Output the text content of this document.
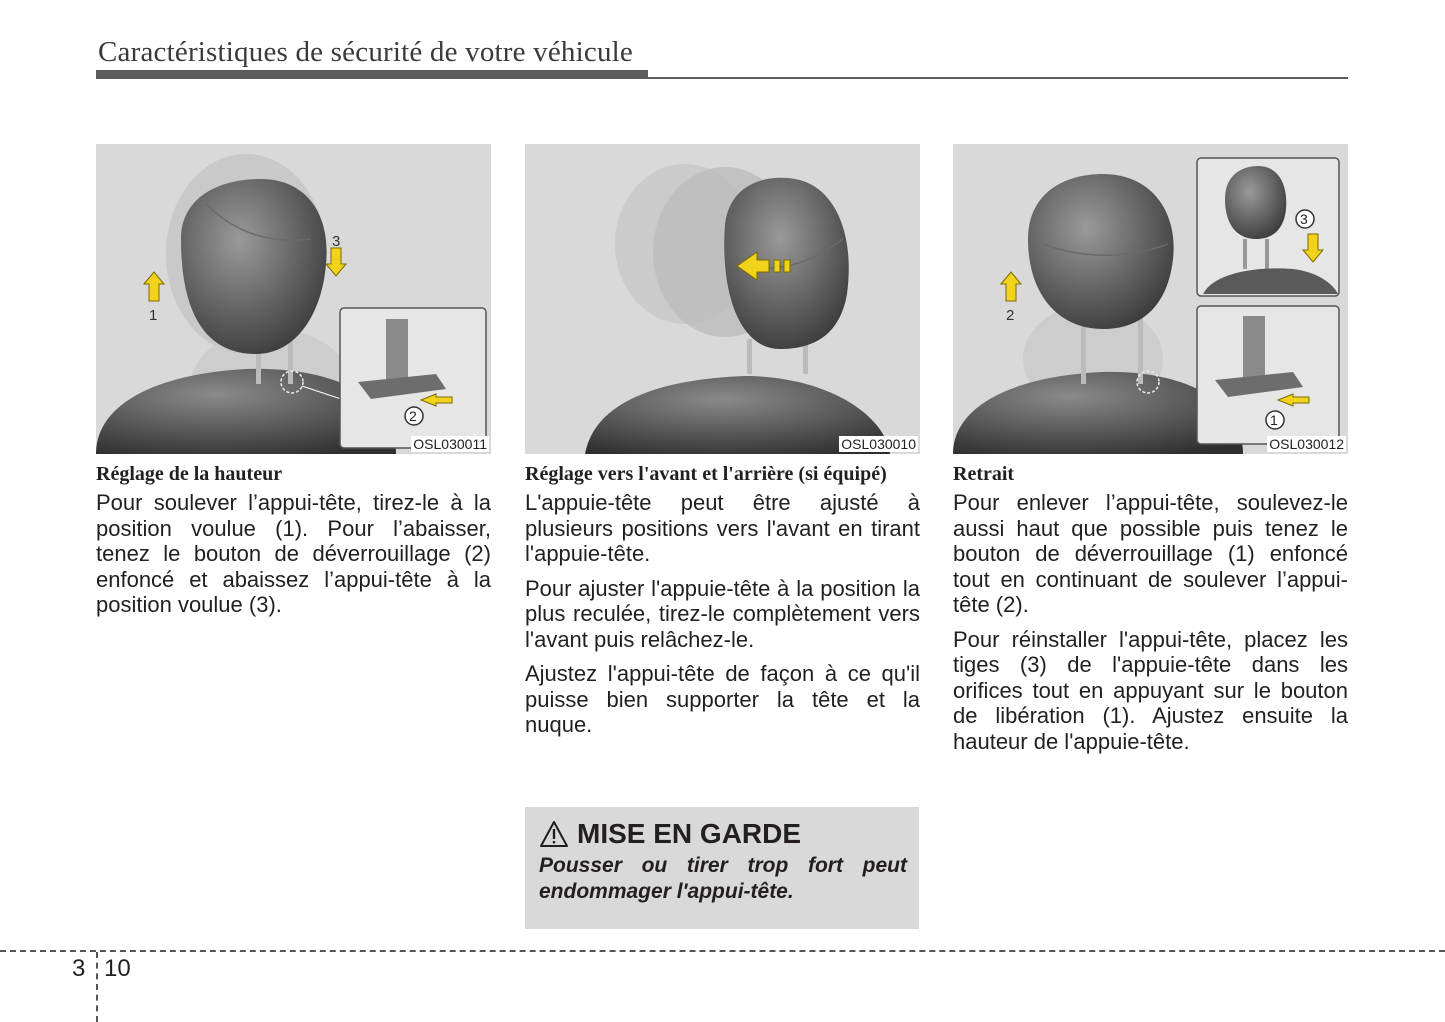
Caractéristiques de sécurité de votre véhicule
1
2
3
OSL030011	OSL030010
1
2
3
OSL030012
Réglage de la hauteur

Pour soulever l’appui-tête, tirez-le à la position voulue (1). Pour l’abaisser, tenez le bouton de déverrouillage (2) enfoncé et abaissez l’appui-tête à la position voulue (3).

Réglage vers l'avant et l'arrière (si équipé)

L'appuie-tête peut être ajusté à plusieurs positions vers l'avant en tirant l'appuie-tête.

Pour ajuster l'appuie-tête à la position la plus reculée, tirez-le complètement vers l'avant puis relâchez-le.

Ajustez l'appui-tête de façon à ce qu'il puisse bien supporter la tête et la nuque.

Retrait

Pour enlever l’appui-tête, soulevez-le aussi haut que possible puis tenez le bouton de déverrouillage (1) enfoncé tout en continuant de soulever l’appui-tête (2).

Pour réinstaller l'appui-tête, placez les tiges (3) de l'appuie-tête dans les orifices tout en appuyant sur le bouton de libération (1). Ajustez ensuite la hauteur de l'appuie-tête.

MISE EN GARDE
Pousser ou tirer trop fort peut endommager l'appui-tête.
3 10
